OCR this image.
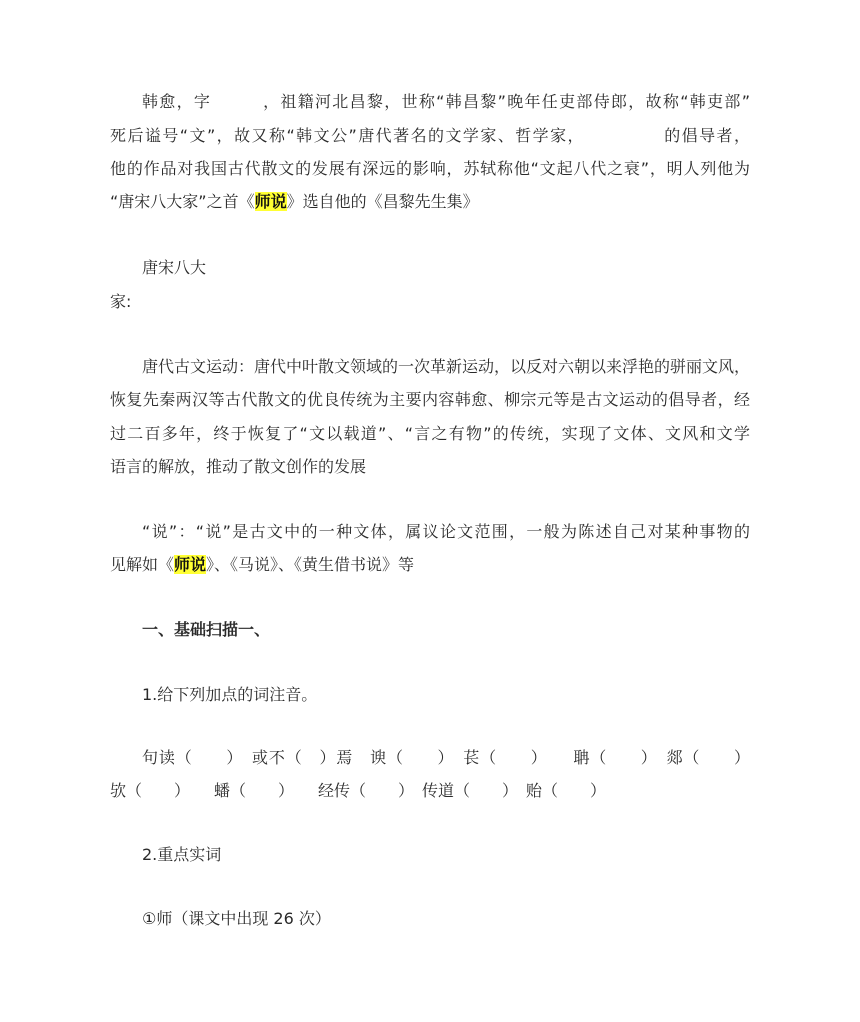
韩愈，字　　　，祖籍河北昌黎，世称“韩昌黎”晚年任吏部侍郎，故称“韩吏部”
死后谥号“文”，故又称“韩文公”唐代著名的文学家、哲学家，　　　　　的倡导者，
他的作品对我国古代散文的发展有深远的影响，苏轼称他“文起八代之衰”，明人列他为
“唐宋八大家”之首《师说》选自他的《昌黎先生集》
唐宋八大
家:
唐代古文运动：唐代中叶散文领域的一次革新运动，以反对六朝以来浮艳的骈丽文风，
恢复先秦两汉等古代散文的优良传统为主要内容韩愈、柳宗元等是古文运动的倡导者，经
过二百多年，终于恢复了“文以载道”、“言之有物”的传统，实现了文体、文风和文学
语言的解放，推动了散文创作的发展
“说”：“说”是古文中的一种文体，属议论文范围，一般为陈述自己对某种事物的
见解如《师说》、《马说》、《黄生借书说》等
一、基础扫描一、
1.给下列加点的词注音。
句读（　　）　或不（　）焉　谀（　　）　苌（　　）　　聃（　　）　郯（　　）
欤（　　）　　蟠（　　）　　经传（　　）　传道（　　）　贻（　　）
2.重点实词
①师（课文中出现 26 次）
